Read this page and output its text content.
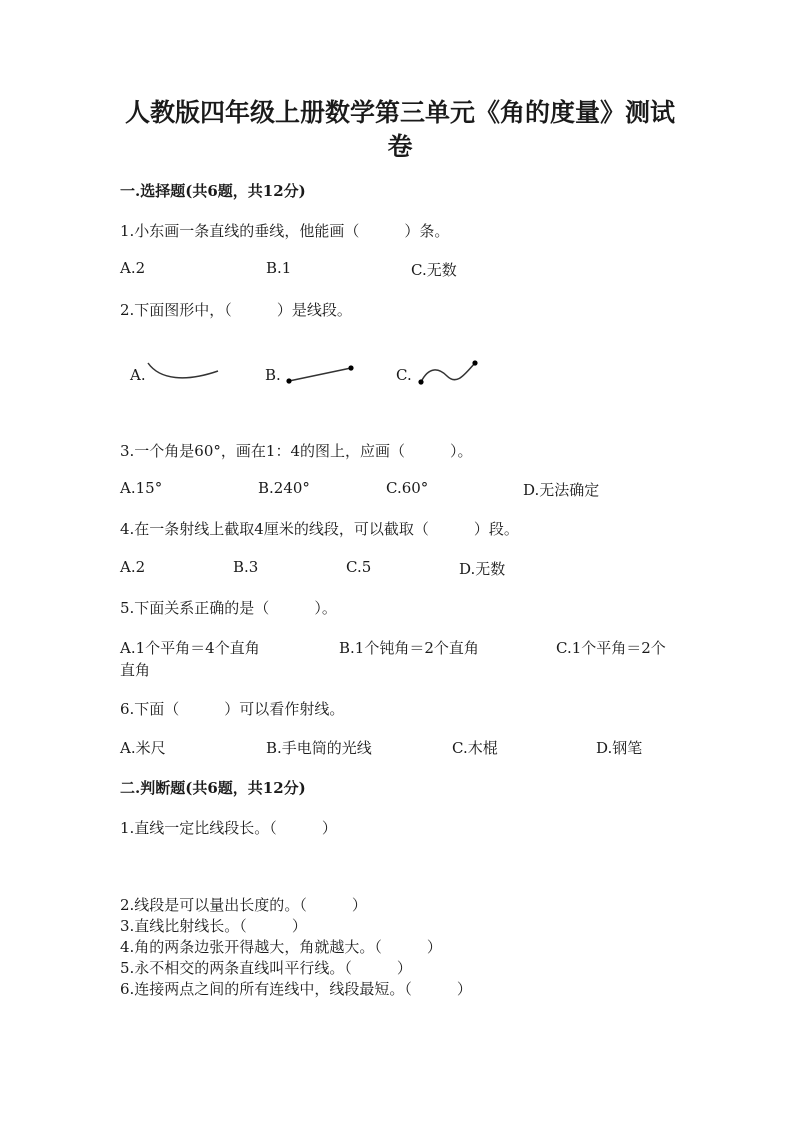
人教版四年级上册数学第三单元《角的度量》测试
卷
一.选择题(共6题，共12分)
1.小东画一条直线的垂线，他能画（　　　）条。
A.2	B.1	C.无数
2.下面图形中，（　　　）是线段。
A.	B.	C.
3.一个角是60°，画在1：4的图上，应画（　　　）。
A.15°	B.240°	C.60°	D.无法确定
4.在一条射线上截取4厘米的线段，可以截取（　　　）段。
A.2	B.3	C.5	D.无数
5.下面关系正确的是（　　　）。
A.1个平角＝4个直角	B.1个钝角＝2个直角	C.1个平角＝2个
直角
6.下面（　　　）可以看作射线。
A.米尺	B.手电筒的光线	C.木棍	D.钢笔
二.判断题(共6题，共12分)
1.直线一定比线段长。（　　　）
2.线段是可以量出长度的。（　　　）
3.直线比射线长。（　　　）
4.角的两条边张开得越大，角就越大。（　　　）
5.永不相交的两条直线叫平行线。（　　　）
6.连接两点之间的所有连线中，线段最短。（　　　）
